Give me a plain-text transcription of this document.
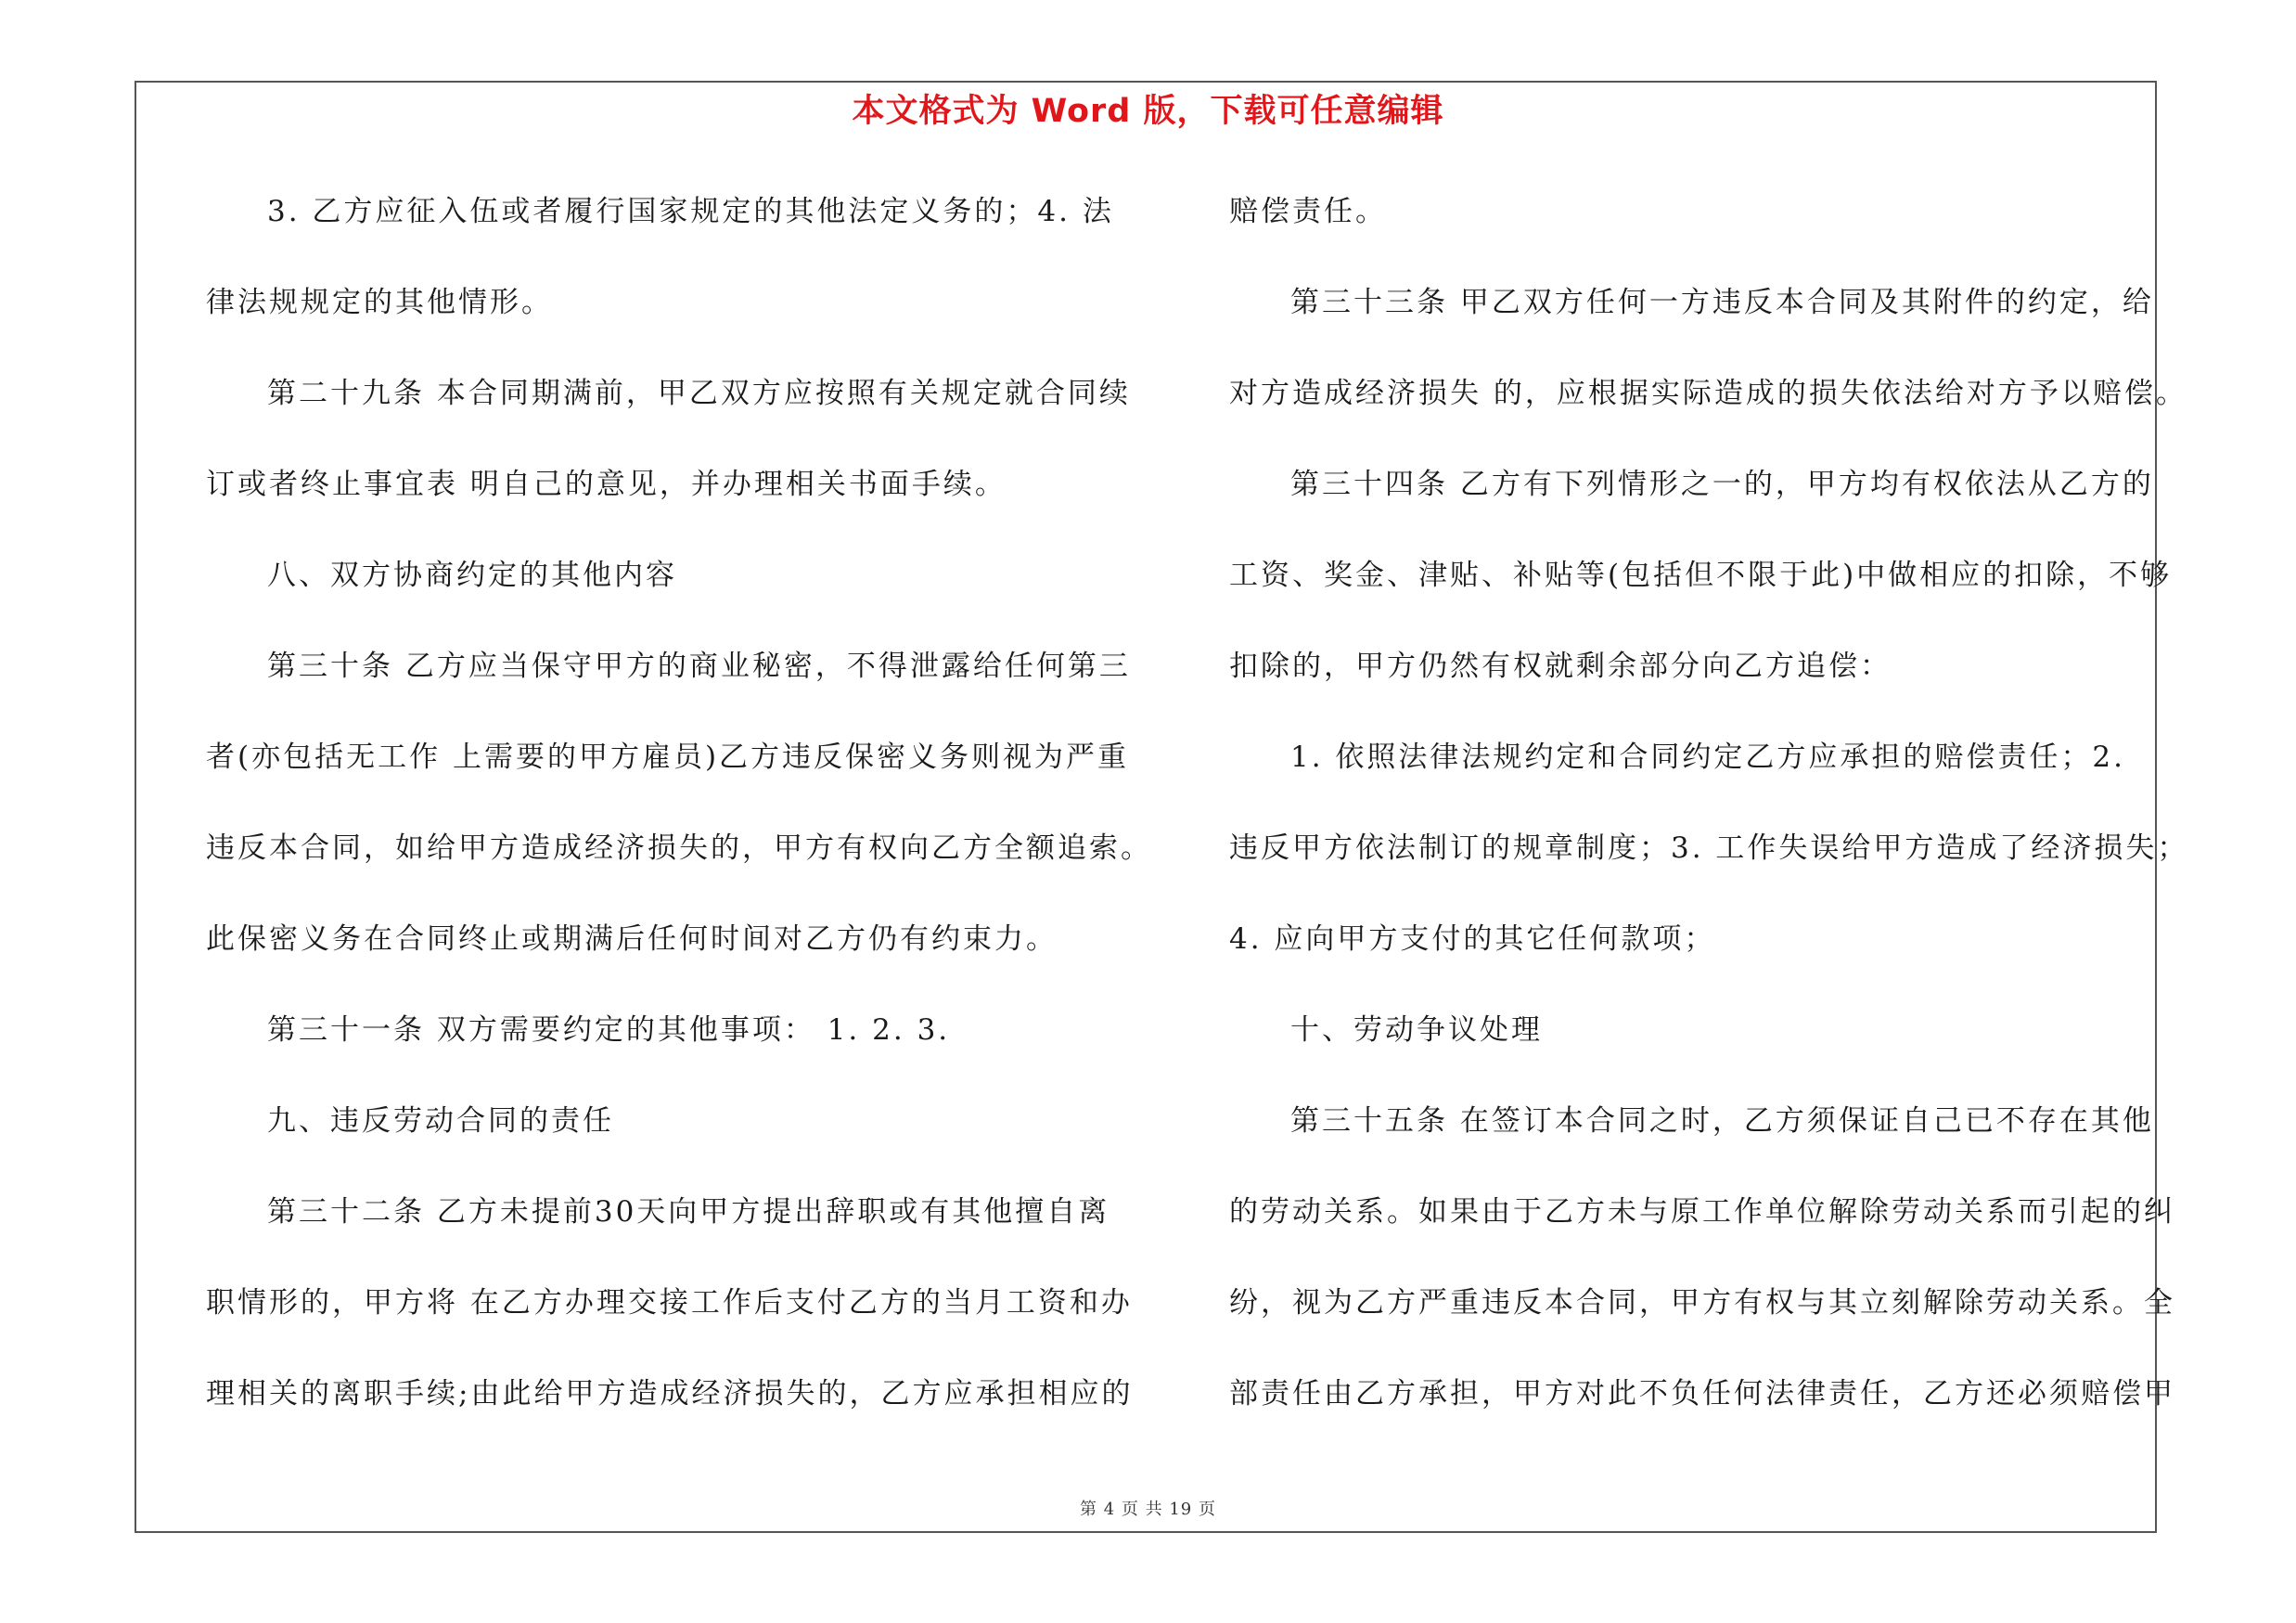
本文格式为 Word 版，下载可任意编辑
3. 乙方应征入伍或者履行国家规定的其他法定义务的；4. 法
律法规规定的其他情形。
第二十九条 本合同期满前，甲乙双方应按照有关规定就合同续
订或者终止事宜表 明自己的意见，并办理相关书面手续。
八、双方协商约定的其他内容
第三十条 乙方应当保守甲方的商业秘密，不得泄露给任何第三
者(亦包括无工作 上需要的甲方雇员)乙方违反保密义务则视为严重
违反本合同，如给甲方造成经济损失的，甲方有权向乙方全额追索。
此保密义务在合同终止或期满后任何时间对乙方仍有约束力。
第三十一条 双方需要约定的其他事项： 1. 2. 3.
九、违反劳动合同的责任
第三十二条 乙方未提前30天向甲方提出辞职或有其他擅自离
职情形的，甲方将 在乙方办理交接工作后支付乙方的当月工资和办
理相关的离职手续;由此给甲方造成经济损失的，乙方应承担相应的
赔偿责任。
第三十三条 甲乙双方任何一方违反本合同及其附件的约定，给
对方造成经济损失 的，应根据实际造成的损失依法给对方予以赔偿。
第三十四条 乙方有下列情形之一的，甲方均有权依法从乙方的
工资、奖金、津贴、补贴等(包括但不限于此)中做相应的扣除，不够
扣除的，甲方仍然有权就剩余部分向乙方追偿：
1. 依照法律法规约定和合同约定乙方应承担的赔偿责任；2.
违反甲方依法制订的规章制度；3. 工作失误给甲方造成了经济损失；
4. 应向甲方支付的其它任何款项；
十、劳动争议处理
第三十五条 在签订本合同之时，乙方须保证自己已不存在其他
的劳动关系。如果由于乙方未与原工作单位解除劳动关系而引起的纠
纷，视为乙方严重违反本合同，甲方有权与其立刻解除劳动关系。全
部责任由乙方承担，甲方对此不负任何法律责任，乙方还必须赔偿甲
第 4 页 共 19 页
